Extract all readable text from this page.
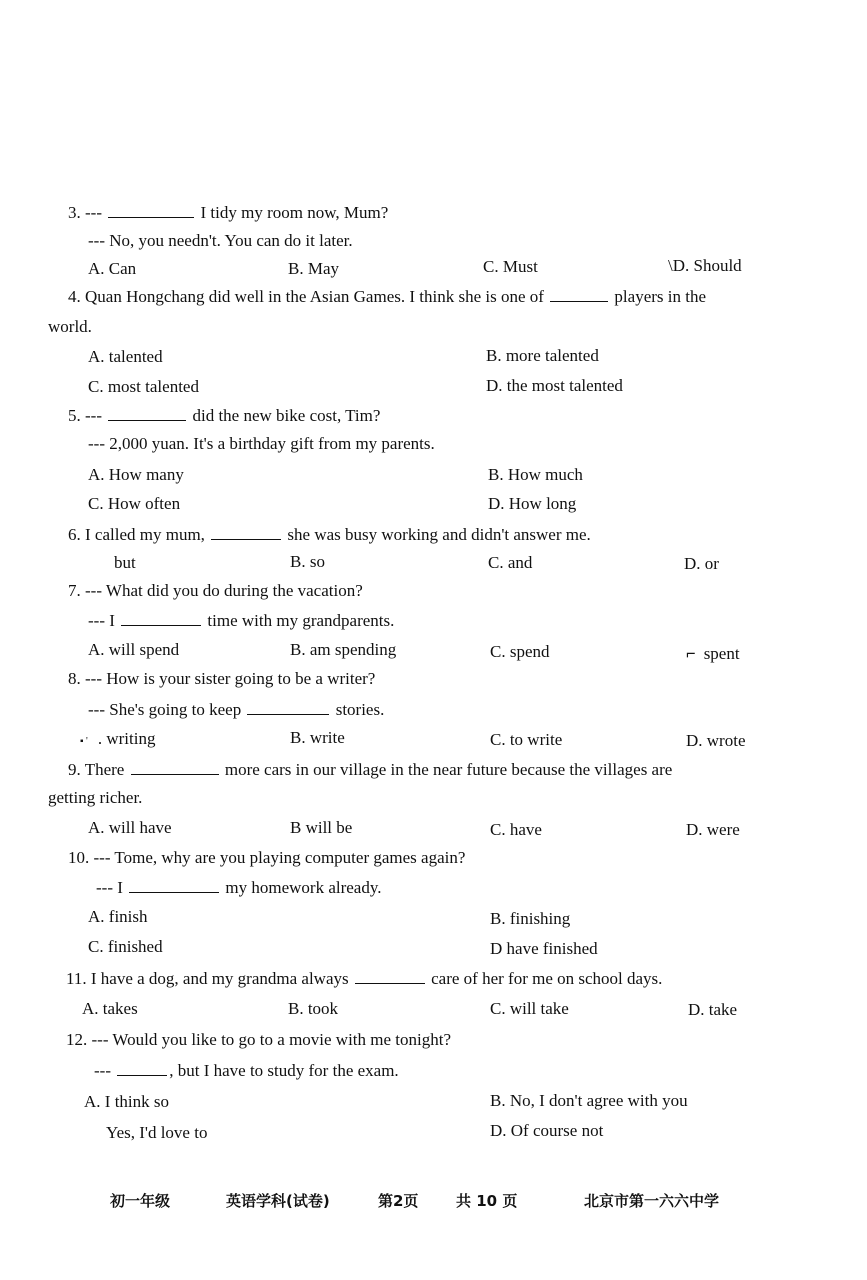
3. ---	I tidy my room now, Mum?
--- No, you needn't. You can do it later.
A. Can	B. May	C. Must	\D. Should
4. Quan Hongchang did well in the Asian Games. I think she is one of	players in the
world.
A. talented	B. more talented
C. most talented	D. the most talented
5. ---	did the new bike cost, Tim?
--- 2,000 yuan. It's a birthday gift from my parents.
A. How many	B. How much
C. How often	D. How long
6. I called my mum,	she was busy working and didn't answer me.
but	B. so	C. and	D. or
7. --- What did you do during the vacation?
--- I	time with my grandparents.
A. will spend	B. am spending	C. spend	⌐ spent
8. --- How is your sister going to be a writer?
--- She's going to keep	stories.
▪ ' . writing	B. write	C. to write	D. wrote
9. There	more cars in our village in the near future because the villages are
getting richer.
A. will have	B will be	C. have	D. were
10. --- Tome, why are you playing computer games again?
--- I	my homework already.
A. finish	B. finishing
C. finished	D have finished
11. I have a dog, and my grandma always	care of her for me on school days.
A. takes	B. took	C. will take	D. take
12. --- Would you like to go to a movie with me tonight?
---	, but I have to study for the exam.
A. I think so	B. No, I don't agree with you
Yes, I'd love to	D. Of course not
初一年级	英语学科(试卷)	第2页	共 10 页	北京市第一六六中学
